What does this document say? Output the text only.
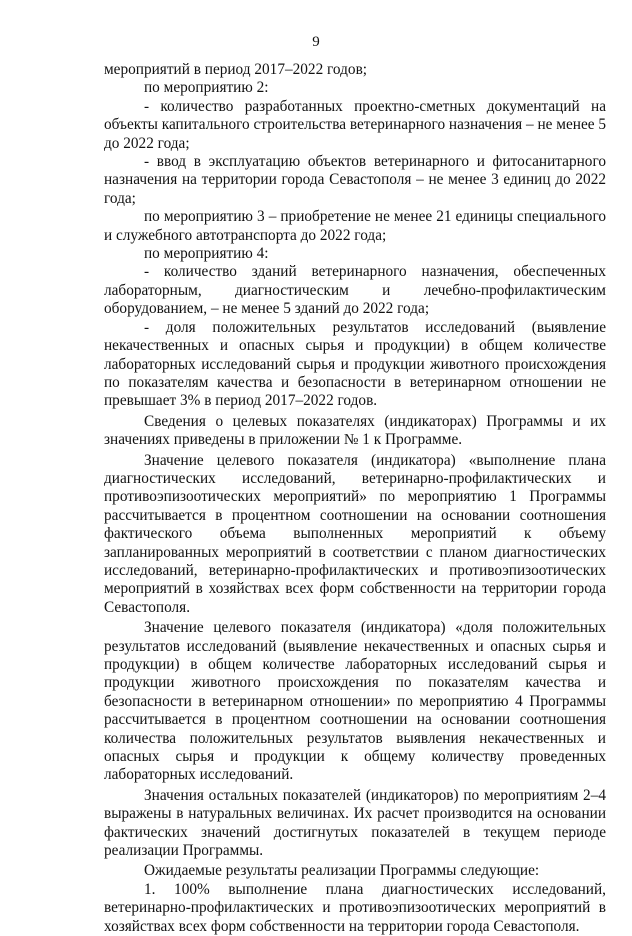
9

мероприятий в период 2017–2022 годов;

по мероприятию 2:

- количество разработанных проектно-сметных документаций на объекты капитального строительства ветеринарного назначения – не менее 5 до 2022 года;

- ввод в эксплуатацию объектов ветеринарного и фитосанитарного назначения на территории города Севастополя – не менее 3 единиц до 2022 года;

по мероприятию 3 – приобретение не менее 21 единицы специального и служебного автотранспорта до 2022 года;

по мероприятию 4:

- количество зданий ветеринарного назначения, обеспеченных лабораторным, диагностическим и лечебно-профилактическим оборудованием, – не менее 5 зданий до 2022 года;

- доля положительных результатов исследований (выявление некачественных и опасных сырья и продукции) в общем количестве лабораторных исследований сырья и продукции животного происхождения по показателям качества и безопасности в ветеринарном отношении не превышает 3% в период 2017–2022 годов.

Сведения о целевых показателях (индикаторах) Программы и их значениях приведены в приложении № 1 к Программе.

Значение целевого показателя (индикатора) «выполнение плана диагностических исследований, ветеринарно-профилактических и противоэпизоотических мероприятий» по мероприятию 1 Программы рассчитывается в процентном соотношении на основании соотношения фактического объема выполненных мероприятий к объему запланированных мероприятий в соответствии с планом диагностических исследований, ветеринарно-профилактических и противоэпизоотических мероприятий в хозяйствах всех форм собственности на территории города Севастополя.

Значение целевого показателя (индикатора) «доля положительных результатов исследований (выявление некачественных и опасных сырья и продукции) в общем количестве лабораторных исследований сырья и продукции животного происхождения по показателям качества и безопасности в ветеринарном отношении» по мероприятию 4 Программы рассчитывается в процентном соотношении на основании соотношения количества положительных результатов выявления некачественных и опасных сырья и продукции к общему количеству проведенных лабораторных исследований.

Значения остальных показателей (индикаторов) по мероприятиям 2–4 выражены в натуральных величинах. Их расчет производится на основании фактических значений достигнутых показателей в текущем периоде реализации Программы.

Ожидаемые результаты реализации Программы следующие:

1. 100% выполнение плана диагностических исследований, ветеринарно-профилактических и противоэпизоотических мероприятий в хозяйствах всех форм собственности на территории города Севастополя.
